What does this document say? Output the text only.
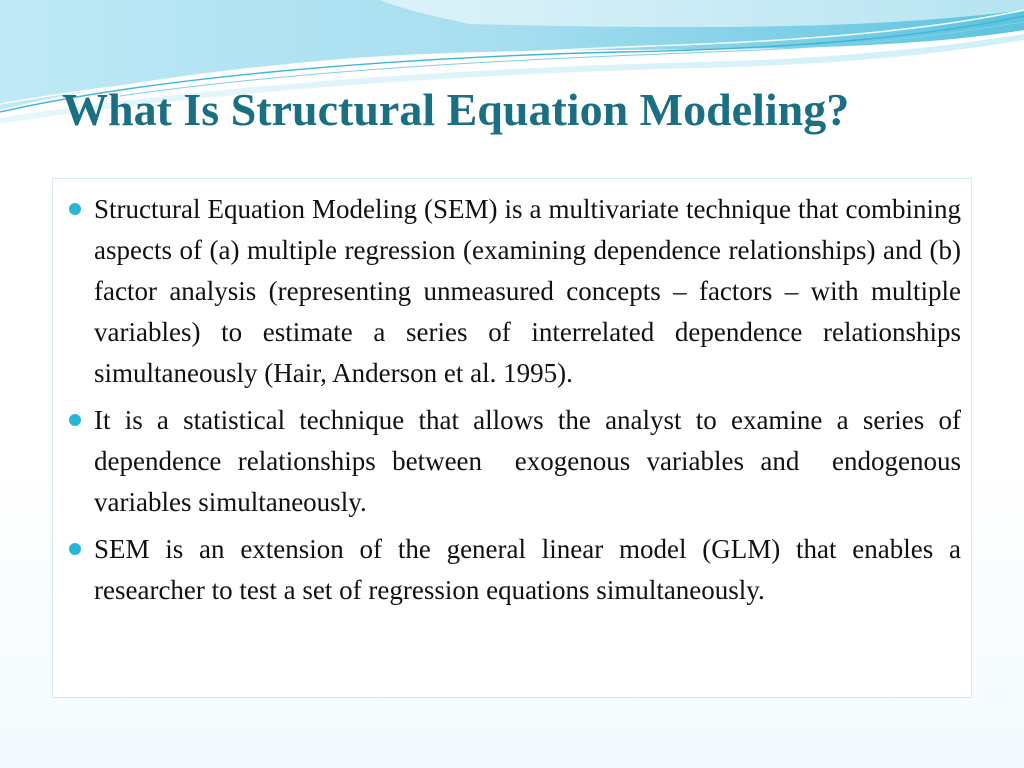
What Is Structural Equation Modeling?
Structural Equation Modeling (SEM) is a multivariate technique that combining aspects of (a) multiple regression (examining dependence relationships) and (b) factor analysis (representing unmeasured concepts – factors – with multiple variables) to estimate a series of interrelated dependence relationships simultaneously (Hair, Anderson et al. 1995).
It is a statistical technique that allows the analyst to examine a series of dependence relationships between  exogenous variables and  endogenous variables simultaneously.
SEM is an extension of the general linear model (GLM) that enables a researcher to test a set of regression equations simultaneously.
